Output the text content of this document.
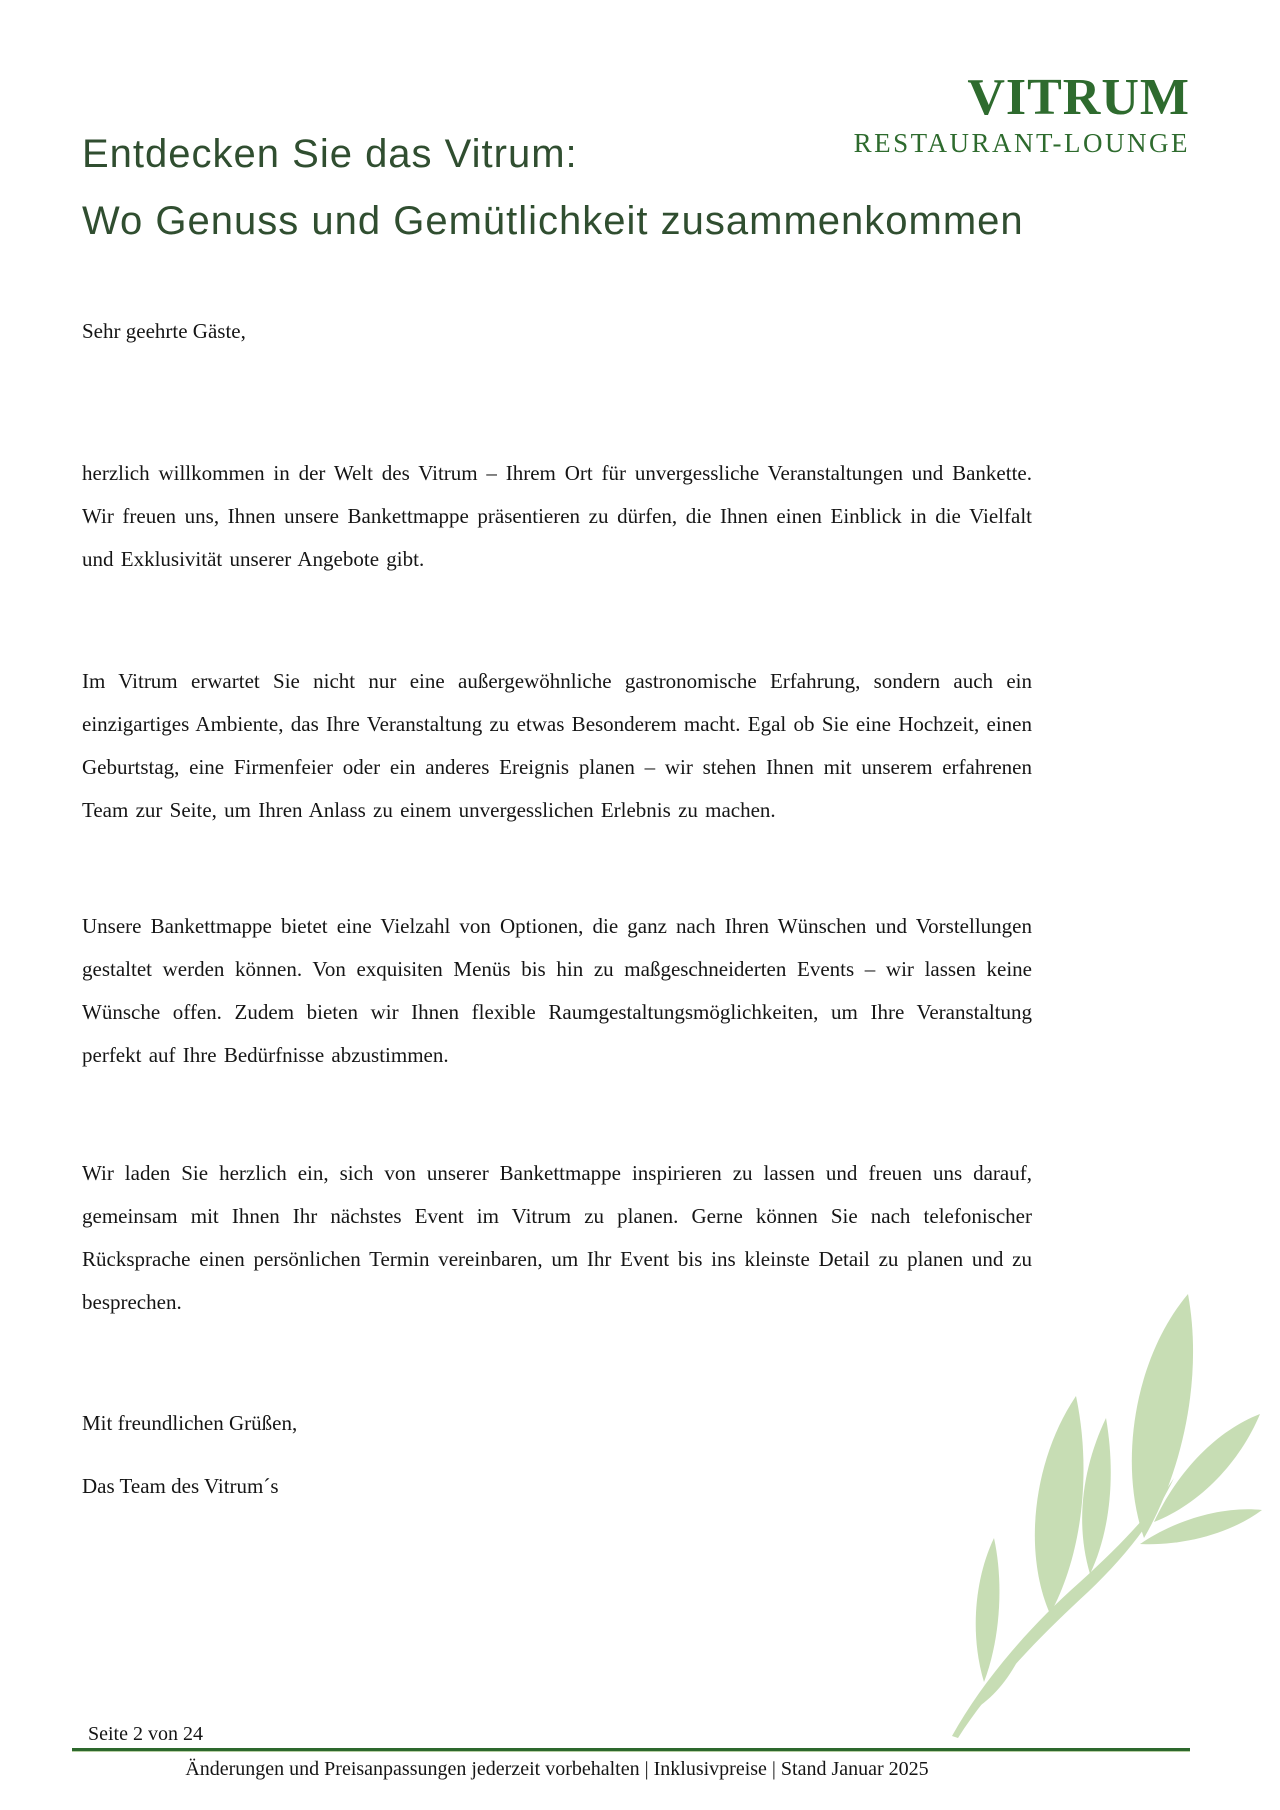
VITRUM
RESTAURANT-LOUNGE
Entdecken Sie das Vitrum:
Wo Genuss und Gemütlichkeit zusammenkommen

Sehr geehrte Gäste,

herzlich willkommen in der Welt des Vitrum – Ihrem Ort für unvergessliche Veranstaltungen und Bankette. Wir freuen uns, Ihnen unsere Bankettmappe präsentieren zu dürfen, die Ihnen einen Einblick in die Vielfalt und Exklusivität unserer Angebote gibt.

Im Vitrum erwartet Sie nicht nur eine außergewöhnliche gastronomische Erfahrung, sondern auch ein einzigartiges Ambiente, das Ihre Veranstaltung zu etwas Besonderem macht. Egal ob Sie eine Hochzeit, einen Geburtstag, eine Firmenfeier oder ein anderes Ereignis planen – wir stehen Ihnen mit unserem erfahrenen Team zur Seite, um Ihren Anlass zu einem unvergesslichen Erlebnis zu machen.

Unsere Bankettmappe bietet eine Vielzahl von Optionen, die ganz nach Ihren Wünschen und Vorstellungen gestaltet werden können. Von exquisiten Menüs bis hin zu maßgeschneiderten Events – wir lassen keine Wünsche offen. Zudem bieten wir Ihnen flexible Raumgestaltungsmöglichkeiten, um Ihre Veranstaltung perfekt auf Ihre Bedürfnisse abzustimmen.

Wir laden Sie herzlich ein, sich von unserer Bankettmappe inspirieren zu lassen und freuen uns darauf, gemeinsam mit Ihnen Ihr nächstes Event im Vitrum zu planen. Gerne können Sie nach telefonischer Rücksprache einen persönlichen Termin vereinbaren, um Ihr Event bis ins kleinste Detail zu planen und zu besprechen.

Mit freundlichen Grüßen,

Das Team des Vitrum´s

Seite 2 von 24
Änderungen und Preisanpassungen jederzeit vorbehalten | Inklusivpreise | Stand Januar 2025
